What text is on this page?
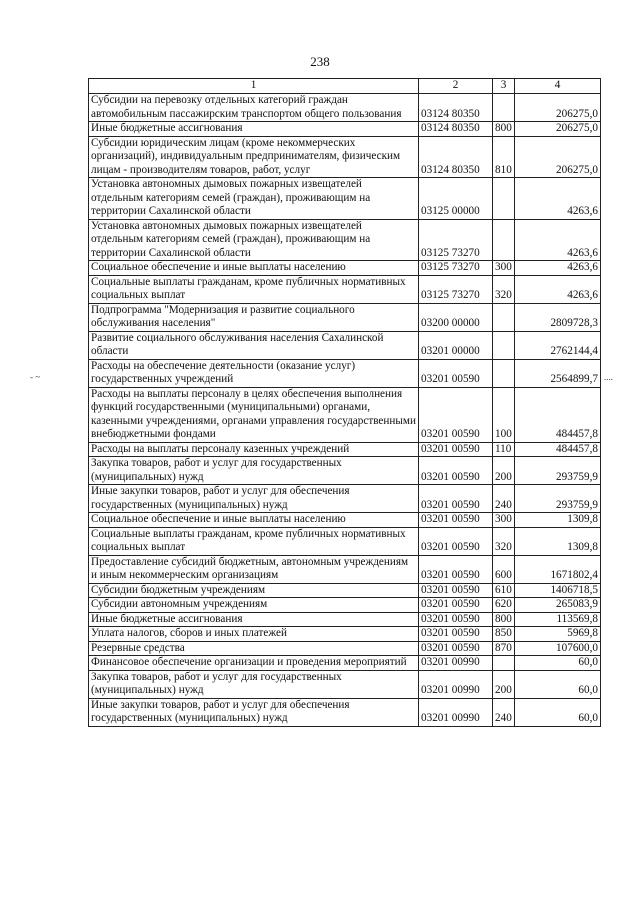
238
- ~	....
1	2	3	4
Субсидии на перевозку отдельных категорий граждан автомобильным пассажирским транспортом общего пользования	03124 80350		206275,0
Иные бюджетные ассигнования	03124 80350	800	206275,0
Субсидии юридическим лицам (кроме некоммерческих организаций), индивидуальным предпринимателям, физическим лицам - производителям товаров, работ, услуг	03124 80350	810	206275,0
Установка автономных дымовых пожарных извещателей отдельным категориям семей (граждан), проживающим на территории Сахалинской области	03125 00000		4263,6
Установка автономных дымовых пожарных извещателей отдельным категориям семей (граждан), проживающим на территории Сахалинской области	03125 73270		4263,6
Социальное обеспечение и иные выплаты населению	03125 73270	300	4263,6
Социальные выплаты гражданам, кроме публичных нормативных социальных выплат	03125 73270	320	4263,6
Подпрограмма "Модернизация и развитие социального обслуживания населения"	03200 00000		2809728,3
Развитие социального обслуживания населения Сахалинской области	03201 00000		2762144,4
Расходы на обеспечение деятельности (оказание услуг) государственных учреждений	03201 00590		2564899,7
Расходы на выплаты персоналу в целях обеспечения выполнения функций государственными (муниципальными) органами, казенными учреждениями, органами управления государственными внебюджетными фондами	03201 00590	100	484457,8
Расходы на выплаты персоналу казенных учреждений	03201 00590	110	484457,8
Закупка товаров, работ и услуг для государственных (муниципальных) нужд	03201 00590	200	293759,9
Иные закупки товаров, работ и услуг для обеспечения государственных (муниципальных) нужд	03201 00590	240	293759,9
Социальное обеспечение и иные выплаты населению	03201 00590	300	1309,8
Социальные выплаты гражданам, кроме публичных нормативных социальных выплат	03201 00590	320	1309,8
Предоставление субсидий бюджетным, автономным учреждениям и иным некоммерческим организациям	03201 00590	600	1671802,4
Субсидии бюджетным учреждениям	03201 00590	610	1406718,5
Субсидии автономным учреждениям	03201 00590	620	265083,9
Иные бюджетные ассигнования	03201 00590	800	113569,8
Уплата налогов, сборов и иных платежей	03201 00590	850	5969,8
Резервные средства	03201 00590	870	107600,0
Финансовое обеспечение организации и проведения мероприятий	03201 00990		60,0
Закупка товаров, работ и услуг для государственных (муниципальных) нужд	03201 00990	200	60,0
Иные закупки товаров, работ и услуг для обеспечения государственных (муниципальных) нужд	03201 00990	240	60,0
